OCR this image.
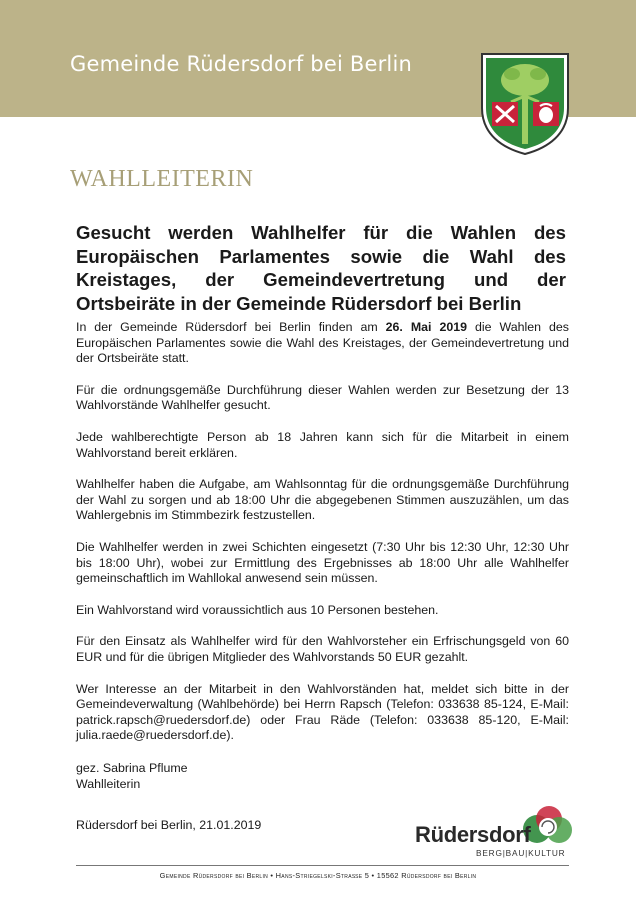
Gemeinde Rüdersdorf bei Berlin
WAHLLEITERIN
Gesucht werden Wahlhelfer für die Wahlen des Europäischen Parlamentes sowie die Wahl des Kreistages, der Gemeindevertretung und der Ortsbeiräte in der Gemeinde Rüdersdorf bei Berlin

In der Gemeinde Rüdersdorf bei Berlin finden am 26. Mai 2019 die Wahlen des Europäischen Parlamentes sowie die Wahl des Kreistages, der Gemeindevertretung und der Ortsbeiräte statt.

Für die ordnungsgemäße Durchführung dieser Wahlen werden zur Besetzung der 13 Wahlvorstände Wahlhelfer gesucht.

Jede wahlberechtigte Person ab 18 Jahren kann sich für die Mitarbeit in einem Wahlvorstand bereit erklären.

Wahlhelfer haben die Aufgabe, am Wahlsonntag für die ordnungsgemäße Durchführung der Wahl zu sorgen und ab 18:00 Uhr die abgegebenen Stimmen auszuzählen, um das Wahlergebnis im Stimmbezirk festzustellen.

Die Wahlhelfer werden in zwei Schichten eingesetzt (7:30 Uhr bis 12:30 Uhr, 12:30 Uhr bis 18:00 Uhr), wobei zur Ermittlung des Ergebnisses ab 18:00 Uhr alle Wahlhelfer gemeinschaftlich im Wahllokal anwesend sein müssen.

Ein Wahlvorstand wird voraussichtlich aus 10 Personen bestehen.

Für den Einsatz als Wahlhelfer wird für den Wahlvorsteher ein Erfrischungsgeld von 60 EUR und für die übrigen Mitglieder des Wahlvorstands 50 EUR gezahlt.

Wer Interesse an der Mitarbeit in den Wahlvorständen hat, meldet sich bitte in der Gemeindeverwaltung (Wahlbehörde) bei Herrn Rapsch (Telefon: 033638 85-124, E-Mail: patrick.rapsch@ruedersdorf.de) oder Frau Räde (Telefon: 033638 85-120, E-Mail: julia.raede@ruedersdorf.de).

gez. Sabrina Pflume
Wahlleiterin
Rüdersdorf bei Berlin, 21.01.2019	Rüdersdorf
BERG|BAU|KULTUR
Gemeinde Rüdersdorf bei Berlin • Hans-Striegelski-Straße 5 • 15562 Rüdersdorf bei Berlin
